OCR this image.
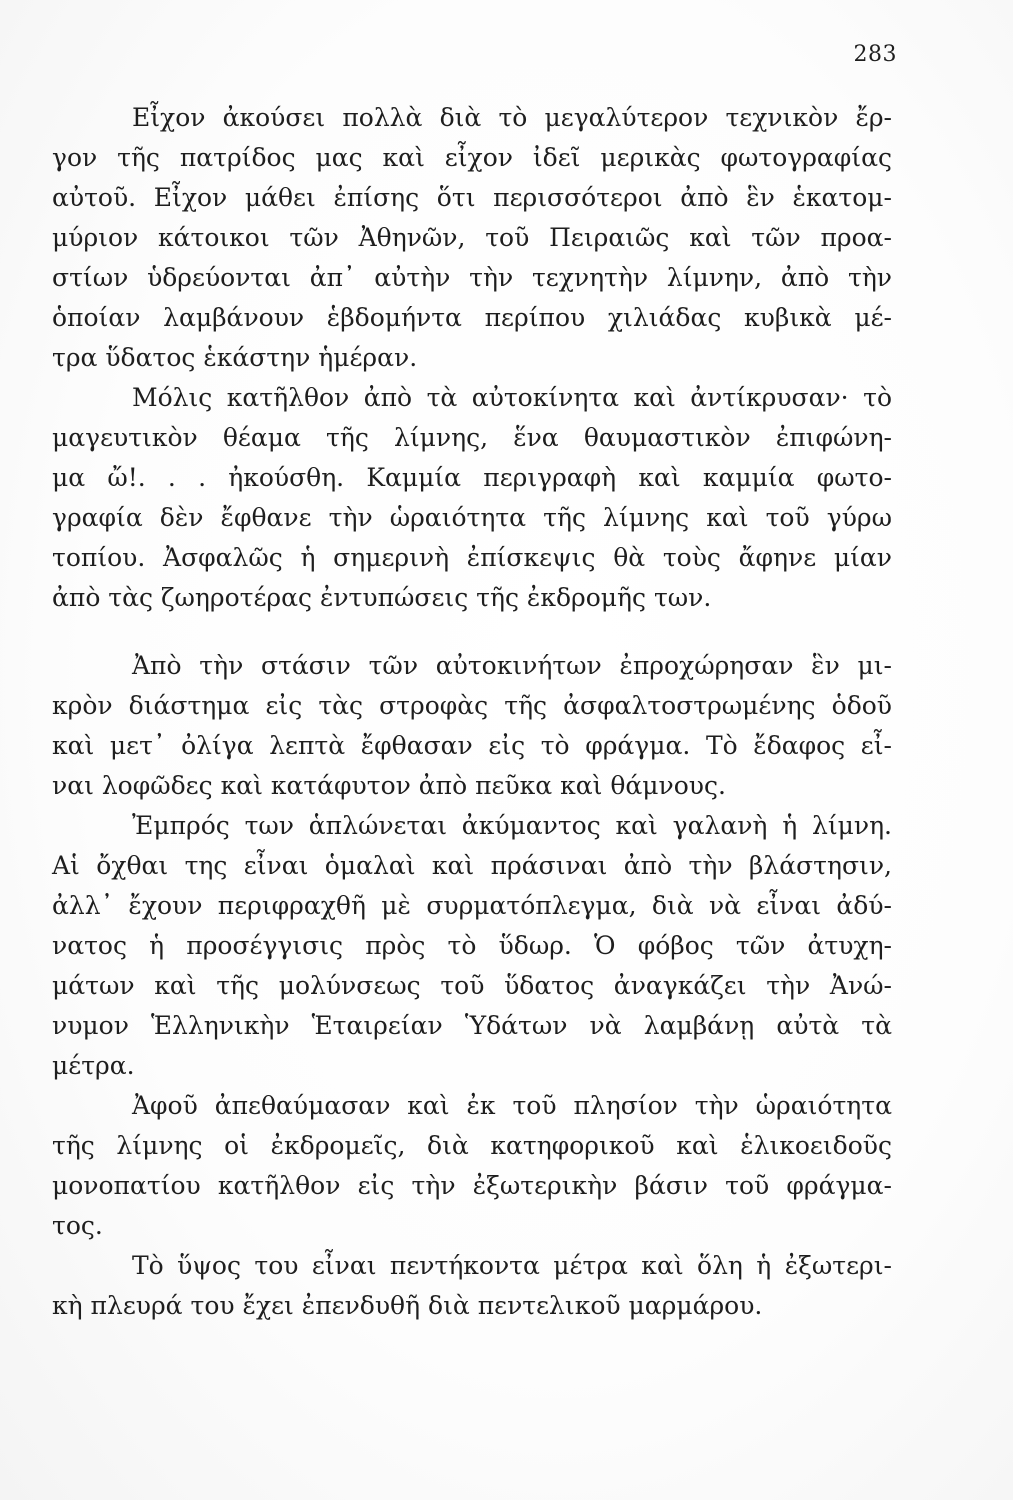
283
Εἶχον ἀκούσει πολλὰ διὰ τὸ μεγαλύτερον τεχνικὸν ἔρ-
γον τῆς πατρίδος μας καὶ εἶχον ἰδεῖ μερικὰς φωτογραφίας
αὐτοῦ. Εἶχον μάθει ἐπίσης ὅτι περισσότεροι ἀπὸ ἓν ἑκατομ-
μύριον κάτοικοι τῶν Ἀθηνῶν, τοῦ Πειραιῶς καὶ τῶν προα-
στίων ὑδρεύονται ἀπ᾽ αὐτὴν τὴν τεχνητὴν λίμνην, ἀπὸ τὴν
ὁποίαν λαμβάνουν ἑβδομήντα περίπου χιλιάδας κυβικὰ μέ-
τρα ὕδατος ἑκάστην ἡμέραν.
Μόλις κατῆλθον ἀπὸ τὰ αὐτοκίνητα καὶ ἀντίκρυσαν· τὸ
μαγευτικὸν θέαμα τῆς λίμνης, ἕνα θαυμαστικὸν ἐπιφώνη-
μα ὤ!. . . ἠκούσθη. Καμμία περιγραφὴ καὶ καμμία φωτο-
γραφία δὲν ἔφθανε τὴν ὡραιότητα τῆς λίμνης καὶ τοῦ γύρω
τοπίου. Ἀσφαλῶς ἡ σημερινὴ ἐπίσκεψις θὰ τοὺς ἄφηνε μίαν
ἀπὸ τὰς ζωηροτέρας ἐντυπώσεις τῆς ἐκδρομῆς των.
Ἀπὸ τὴν στάσιν τῶν αὐτοκινήτων ἐπροχώρησαν ἓν μι-
κρὸν διάστημα εἰς τὰς στροφὰς τῆς ἀσφαλτοστρωμένης ὁδοῦ
καὶ μετ᾽ ὀλίγα λεπτὰ ἔφθασαν εἰς τὸ φράγμα. Τὸ ἔδαφος εἶ-
ναι λοφῶδες καὶ κατάφυτον ἀπὸ πεῦκα καὶ θάμνους.
Ἐμπρός των ἁπλώνεται ἀκύμαντος καὶ γαλανὴ ἡ λίμνη.
Αἱ ὄχθαι της εἶναι ὁμαλαὶ καὶ πράσιναι ἀπὸ τὴν βλάστησιν,
ἀλλ᾽ ἔχουν περιφραχθῆ μὲ συρματόπλεγμα, διὰ νὰ εἶναι ἀδύ-
νατος ἡ προσέγγισις πρὸς τὸ ὕδωρ. Ὁ φόβος τῶν ἀτυχη-
μάτων καὶ τῆς μολύνσεως τοῦ ὕδατος ἀναγκάζει τὴν Ἀνώ-
νυμον Ἑλληνικὴν Ἑταιρείαν Ὑδάτων νὰ λαμβάνῃ αὐτὰ τὰ
μέτρα.
Ἀφοῦ ἀπεθαύμασαν καὶ ἐκ τοῦ πλησίον τὴν ὡραιότητα
τῆς λίμνης οἱ ἐκδρομεῖς, διὰ κατηφορικοῦ καὶ ἑλικοειδοῦς
μονοπατίου κατῆλθον εἰς τὴν ἐξωτερικὴν βάσιν τοῦ φράγμα-
τος.
Τὸ ὕψος του εἶναι πεντήκοντα μέτρα καὶ ὅλη ἡ ἐξωτερι-
κὴ πλευρά του ἔχει ἐπενδυθῆ διὰ πεντελικοῦ μαρμάρου.
